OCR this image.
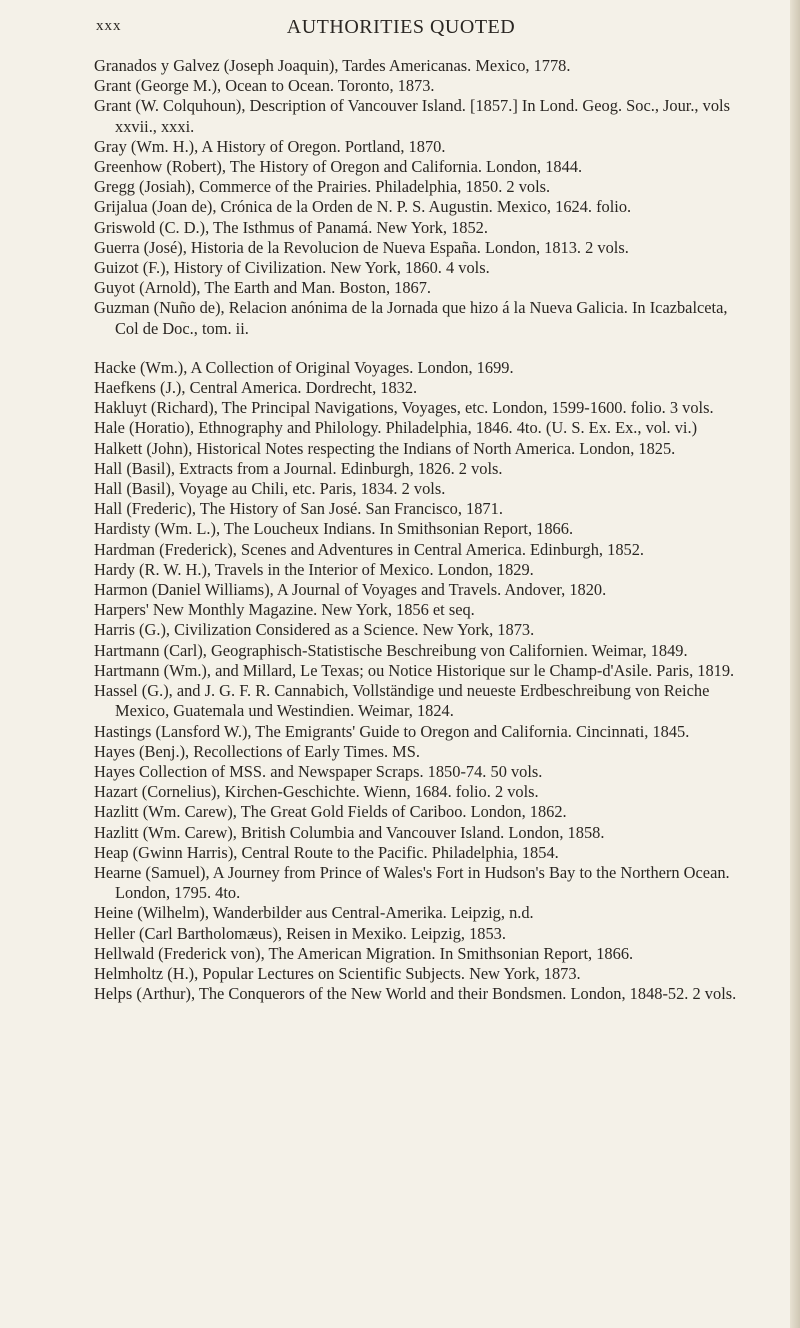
xxx	AUTHORITIES QUOTED
Granados y Galvez (Joseph Joaquin), Tardes Americanas. Mexico, 1778.
Grant (George M.), Ocean to Ocean. Toronto, 1873.
Grant (W. Colquhoun), Description of Vancouver Island. [1857.] In Lond. Geog. Soc., Jour., vols xxvii., xxxi.
Gray (Wm. H.), A History of Oregon. Portland, 1870.
Greenhow (Robert), The History of Oregon and California. London, 1844.
Gregg (Josiah), Commerce of the Prairies. Philadelphia, 1850. 2 vols.
Grijalua (Joan de), Crónica de la Orden de N. P. S. Augustin. Mexico, 1624. folio.
Griswold (C. D.), The Isthmus of Panamá. New York, 1852.
Guerra (José), Historia de la Revolucion de Nueva España. London, 1813. 2 vols.
Guizot (F.), History of Civilization. New York, 1860. 4 vols.
Guyot (Arnold), The Earth and Man. Boston, 1867.
Guzman (Nuño de), Relacion anónima de la Jornada que hizo á la Nueva Galicia. In Icazbalceta, Col de Doc., tom. ii.
Hacke (Wm.), A Collection of Original Voyages. London, 1699.
Haefkens (J.), Central America. Dordrecht, 1832.
Hakluyt (Richard), The Principal Navigations, Voyages, etc. London, 1599-1600. folio. 3 vols.
Hale (Horatio), Ethnography and Philology. Philadelphia, 1846. 4to. (U. S. Ex. Ex., vol. vi.)
Halkett (John), Historical Notes respecting the Indians of North America. London, 1825.
Hall (Basil), Extracts from a Journal. Edinburgh, 1826. 2 vols.
Hall (Basil), Voyage au Chili, etc. Paris, 1834. 2 vols.
Hall (Frederic), The History of San José. San Francisco, 1871.
Hardisty (Wm. L.), The Loucheux Indians. In Smithsonian Report, 1866.
Hardman (Frederick), Scenes and Adventures in Central America. Edinburgh, 1852.
Hardy (R. W. H.), Travels in the Interior of Mexico. London, 1829.
Harmon (Daniel Williams), A Journal of Voyages and Travels. Andover, 1820.
Harpers' New Monthly Magazine. New York, 1856 et seq.
Harris (G.), Civilization Considered as a Science. New York, 1873.
Hartmann (Carl), Geographisch-Statistische Beschreibung von Californien. Weimar, 1849.
Hartmann (Wm.), and Millard, Le Texas; ou Notice Historique sur le Champ-d'Asile. Paris, 1819.
Hassel (G.), and J. G. F. R. Cannabich, Vollständige und neueste Erdbeschreibung von Reiche Mexico, Guatemala und Westindien. Weimar, 1824.
Hastings (Lansford W.), The Emigrants' Guide to Oregon and California. Cincinnati, 1845.
Hayes (Benj.), Recollections of Early Times. MS.
Hayes Collection of MSS. and Newspaper Scraps. 1850-74. 50 vols.
Hazart (Cornelius), Kirchen-Geschichte. Wienn, 1684. folio. 2 vols.
Hazlitt (Wm. Carew), The Great Gold Fields of Cariboo. London, 1862.
Hazlitt (Wm. Carew), British Columbia and Vancouver Island. London, 1858.
Heap (Gwinn Harris), Central Route to the Pacific. Philadelphia, 1854.
Hearne (Samuel), A Journey from Prince of Wales's Fort in Hudson's Bay to the Northern Ocean. London, 1795. 4to.
Heine (Wilhelm), Wanderbilder aus Central-Amerika. Leipzig, n.d.
Heller (Carl Bartholomæus), Reisen in Mexiko. Leipzig, 1853.
Hellwald (Frederick von), The American Migration. In Smithsonian Report, 1866.
Helmholtz (H.), Popular Lectures on Scientific Subjects. New York, 1873.
Helps (Arthur), The Conquerors of the New World and their Bondsmen. London, 1848-52. 2 vols.
